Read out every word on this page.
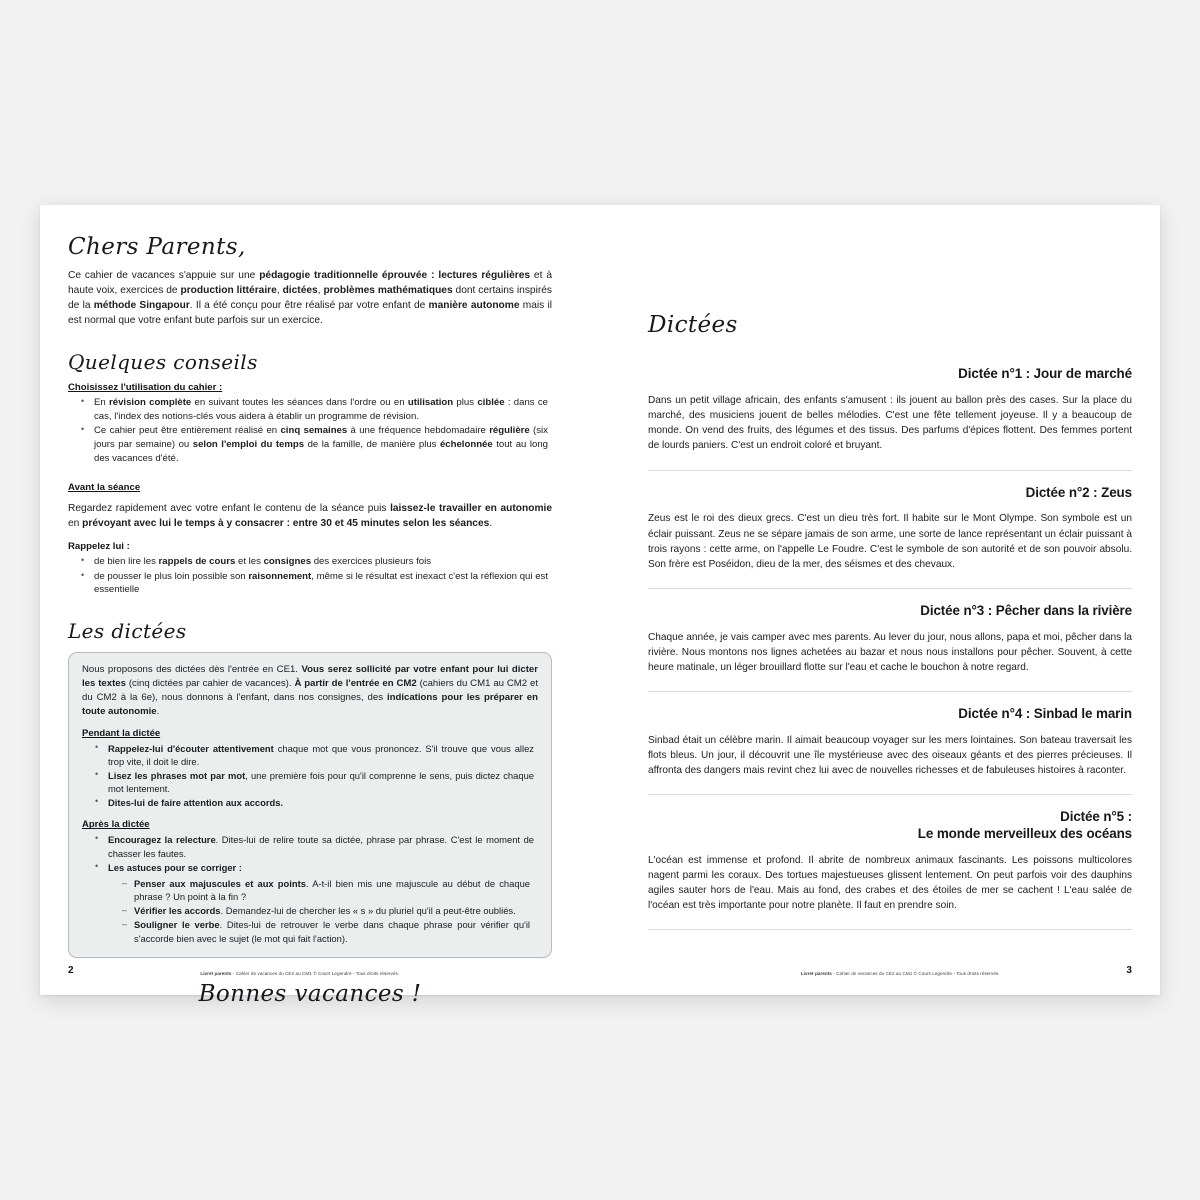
Chers Parents,

Ce cahier de vacances s'appuie sur une pédagogie traditionnelle éprouvée : lectures régulières et à haute voix, exercices de production littéraire, dictées, problèmes mathématiques dont certains inspirés de la méthode Singapour. Il a été conçu pour être réalisé par votre enfant de manière autonome mais il est normal que votre enfant bute parfois sur un exercice.

Quelques conseils

Choisissez l'utilisation du cahier :

• En révision complète en suivant toutes les séances dans l'ordre ou en utilisation plus ciblée : dans ce cas, l'index des notions-clés vous aidera à établir un programme de révision.
• Ce cahier peut être entièrement réalisé en cinq semaines à une fréquence hebdomadaire régulière (six jours par semaine) ou selon l'emploi du temps de la famille, de manière plus échelonnée tout au long des vacances d'été.

Avant la séance

Regardez rapidement avec votre enfant le contenu de la séance puis laissez-le travailler en autonomie en prévoyant avec lui le temps à y consacrer : entre 30 et 45 minutes selon les séances.

Rappelez lui :

• de bien lire les rappels de cours et les consignes des exercices plusieurs fois
• de pousser le plus loin possible son raisonnement, même si le résultat est inexact c'est la réflexion qui est essentielle
Les dictées

Nous proposons des dictées dès l'entrée en CE1. Vous serez sollicité par votre enfant pour lui dicter les textes (cinq dictées par cahier de vacances). À partir de l'entrée en CM2 (cahiers du CM1 au CM2 et du CM2 à la 6e), nous donnons à l'enfant, dans nos consignes, des indications pour les préparer en toute autonomie.

Pendant la dictée

• Rappelez-lui d'écouter attentivement chaque mot que vous prononcez. S'il trouve que vous allez trop vite, il doit le dire.
• Lisez les phrases mot par mot, une première fois pour qu'il comprenne le sens, puis dictez chaque mot lentement.
• Dites-lui de faire attention aux accords.

Après la dictée

• Encouragez la relecture. Dites-lui de relire toute sa dictée, phrase par phrase. C'est le moment de chasser les fautes.
• Les astuces pour se corriger :
– Penser aux majuscules et aux points. A-t-il bien mis une majuscule au début de chaque phrase ? Un point à la fin ?
– Vérifier les accords. Demandez-lui de chercher les « s » du pluriel qu'il a peut-être oubliés.
– Souligner le verbe. Dites-lui de retrouver le verbe dans chaque phrase pour vérifier qu'il s'accorde bien avec le sujet (le mot qui fait l'action).
Bonnes vacances !
2	Livret parents - Cahier de vacances du CE2 au CM1 © Cours Legendre - Tous droits réservés.
Dictées
Dictée n°1 : Jour de marché

Dans un petit village africain, des enfants s'amusent : ils jouent au ballon près des cases. Sur la place du marché, des musiciens jouent de belles mélodies. C'est une fête tellement joyeuse. Il y a beaucoup de monde. On vend des fruits, des légumes et des tissus. Des parfums d'épices flottent. Des femmes portent de lourds paniers. C'est un endroit coloré et bruyant.

Dictée n°2 : Zeus

Zeus est le roi des dieux grecs. C'est un dieu très fort. Il habite sur le Mont Olympe. Son symbole est un éclair puissant. Zeus ne se sépare jamais de son arme, une sorte de lance représentant un éclair puissant à trois rayons : cette arme, on l'appelle Le Foudre. C'est le symbole de son autorité et de son pouvoir absolu. Son frère est Poséidon, dieu de la mer, des séismes et des chevaux.

Dictée n°3 : Pêcher dans la rivière

Chaque année, je vais camper avec mes parents. Au lever du jour, nous allons, papa et moi, pêcher dans la rivière. Nous montons nos lignes achetées au bazar et nous nous installons pour pêcher. Souvent, à cette heure matinale, un léger brouillard flotte sur l'eau et cache le bouchon à notre regard.

Dictée n°4 : Sinbad le marin

Sinbad était un célèbre marin. Il aimait beaucoup voyager sur les mers lointaines. Son bateau traversait les flots bleus. Un jour, il découvrit une île mystérieuse avec des oiseaux géants et des pierres précieuses. Il affronta des dangers mais revint chez lui avec de nouvelles richesses et de fabuleuses histoires à raconter.

Dictée n°5 :
Le monde merveilleux des océans

L'océan est immense et profond. Il abrite de nombreux animaux fascinants. Les poissons multicolores nagent parmi les coraux. Des tortues majestueuses glissent lentement. On peut parfois voir des dauphins agiles sauter hors de l'eau. Mais au fond, des crabes et des étoiles de mer se cachent ! L'eau salée de l'océan est très importante pour notre planète. Il faut en prendre soin.

Livret parents - Cahier de vacances du CE2 au CM1 © Cours Legendre - Tous droits réservés.	3
